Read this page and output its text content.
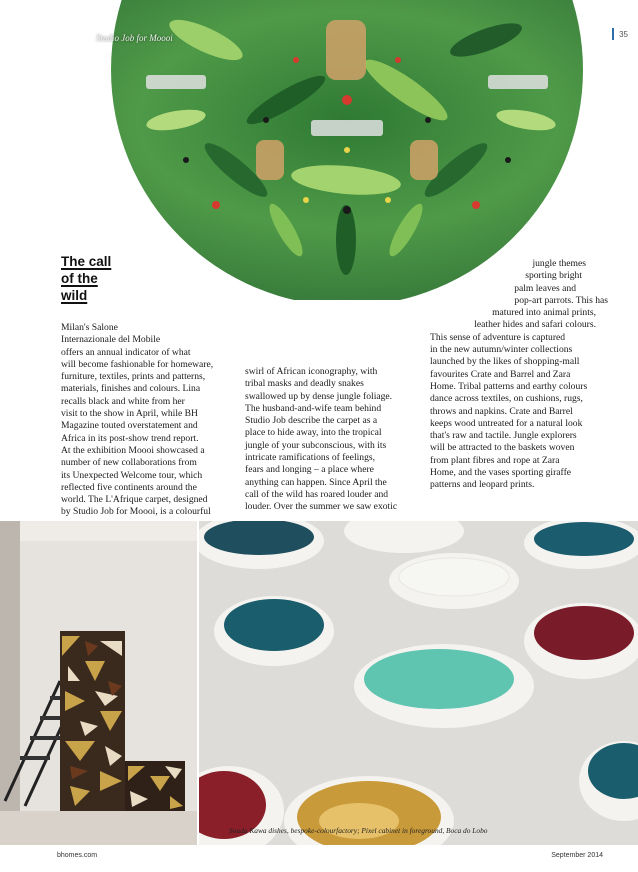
Studio Job for Moooi	35
The call
of the
wild
Milan's Salone
Internazionale del Mobile
offers an annual indicator of what
will become fashionable for homeware,
furniture, textiles, prints and patterns,
materials, finishes and colours. Lina
recalls black and white from her
visit to the show in April, while BH
Magazine touted overstatement and
Africa in its post-show trend report.
At the exhibition Moooi showcased a
number of new collaborations from
its Unexpected Welcome tour, which
reflected five continents around the
world. The L'Afrique carpet, designed
by Studio Job for Moooi, is a colourful
swirl of African iconography, with
tribal masks and deadly snakes
swallowed up by dense jungle foliage.
The husband-and-wife team behind
Studio Job describe the carpet as a
place to hide away, into the tropical
jungle of your subconscious, with its
intricate ramifications of feelings,
fears and longing – a place where
anything can happen. Since April the
call of the wild has roared louder and
louder. Over the summer we saw exotic
jungle themes
sporting bright
palm leaves and
pop-art parrots. This has
matured into animal prints,
leather hides and safari colours.
This sense of adventure is captured
in the new autumn/winter collections
launched by the likes of shopping-mall
favourites Crate and Barrel and Zara
Home. Tribal patterns and earthy colours
dance across textiles, on cushions, rugs,
throws and napkins. Crate and Barrel
keeps wood untreated for a natural look
that's raw and tactile. Jungle explorers
will be attracted to the baskets woven
from plant fibres and rope at Zara
Home, and the vases sporting giraffe
patterns and leopard prints.
Souda Kawa dishes, bespoke-colourfactory; Pixel cabinet in foreground, Boca do Lobo
bhomes.com	September 2014
